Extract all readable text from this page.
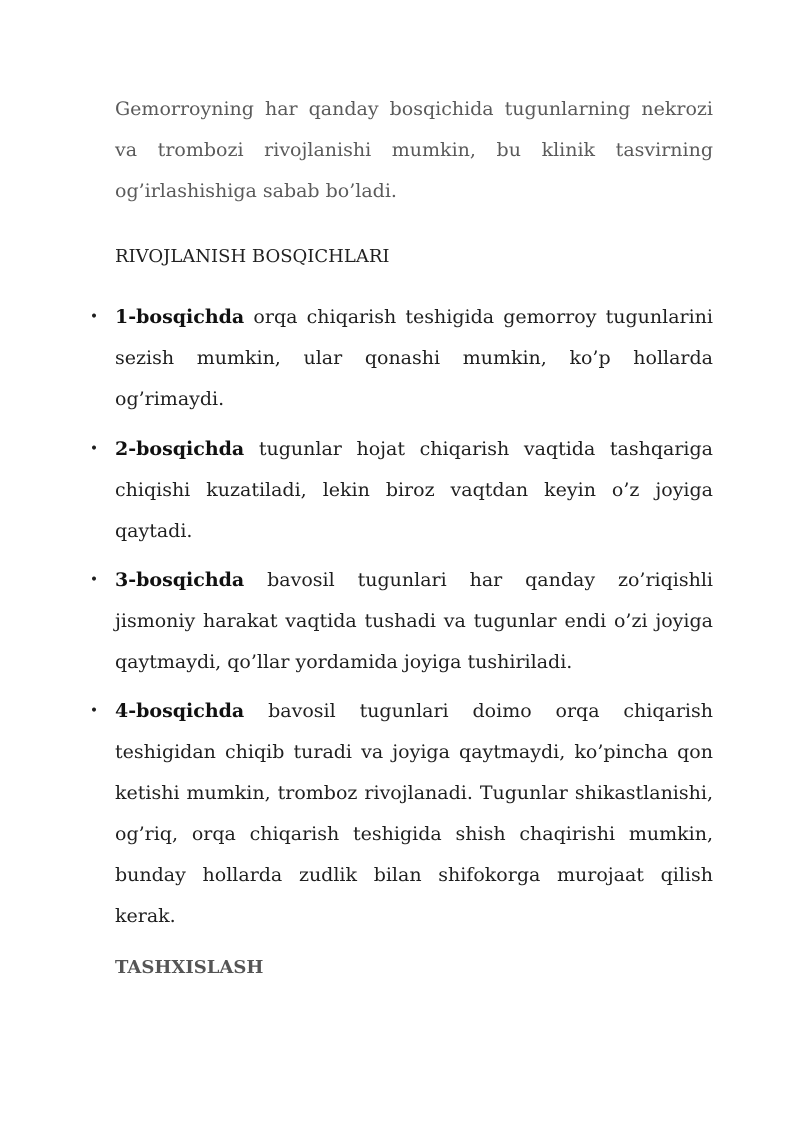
Gemorroyning har qanday bosqichida tugunlarning nekrozi va trombozi rivojlanishi mumkin, bu klinik tasvirning og’irlashishiga sabab bo’ladi.

RIVOJLANISH BOSQICHLARI
• 1-bosqichda orqa chiqarish teshigida gemorroy tugunlarini sezish mumkin, ular qonashi mumkin, ko’p hollarda og’rimaydi.
• 2-bosqichda tugunlar hojat chiqarish vaqtida tashqariga chiqishi kuzatiladi, lekin biroz vaqtdan keyin o’z joyiga qaytadi.
• 3-bosqichda bavosil tugunlari har qanday zo’riqishli jismoniy harakat vaqtida tushadi va tugunlar endi o’zi joyiga qaytmaydi, qo’llar yordamida joyiga tushiriladi.
• 4-bosqichda bavosil tugunlari doimo orqa chiqarish teshigidan chiqib turadi va joyiga qaytmaydi, ko’pincha qon ketishi mumkin, tromboz rivojlanadi. Tugunlar shikastlanishi, og’riq, orqa chiqarish teshigida shish chaqirishi mumkin, bunday hollarda zudlik bilan shifokorga murojaat qilish kerak.
TASHXISLASH
